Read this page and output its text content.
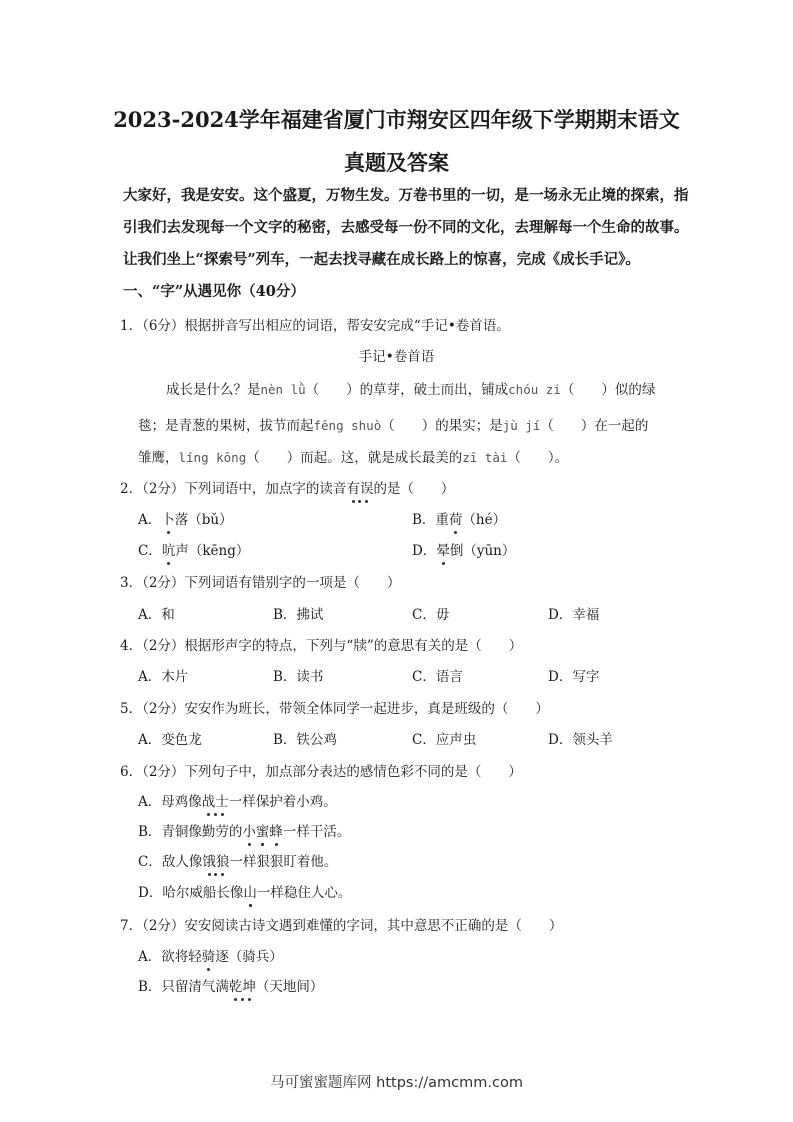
2023-2024学年福建省厦门市翔安区四年级下学期期末语文
真题及答案
大家好，我是安安。这个盛夏，万物生发。万卷书里的一切，是一场永无止境的探索，指
引我们去发现每一个文字的秘密，去感受每一份不同的文化，去理解每一个生命的故事。
让我们坐上“探索号”列车，一起去找寻藏在成长路上的惊喜，完成《成长手记》。
一、“字”从遇见你（40分）
1．（6分）根据拼音写出相应的词语，帮安安完成“手记•卷首语。
手记•卷首语
成长是什么？是nèn lǜ（　　）的草芽，破土而出，铺成chóu zi（　　）似的绿
毯；是青葱的果树，拔节而起fēng shuò（　　）的果实；是jù jí（　　）在一起的
雏鹰，líng kōng（　　）而起。这，就是成长最美的zī tài（　　）。
2．（2分）下列词语中，加点字的读音有误的是（　　）
A．卜落（bǔ）	B．重荷（hé）
C．吭声（kēng）	D．晕倒（yūn）
3．（2分）下列词语有错别字的一项是（　　）
A．和	B．拂试	C．毋	D．幸福
4．（2分）根据形声字的特点，下列与“牍”的意思有关的是（　　）
A．木片	B．读书	C．语言	D．写字
5．（2分）安安作为班长，带领全体同学一起进步，真是班级的（　　）
A．变色龙	B．铁公鸡	C．应声虫	D．领头羊
6．（2分）下列句子中，加点部分表达的感情色彩不同的是（　　）
A．母鸡像战士一样保护着小鸡。
B．青铜像勤劳的小蜜蜂一样干活。
C．敌人像饿狼一样狠狠盯着他。
D．哈尔威船长像山一样稳住人心。
7．（2分）安安阅读古诗文遇到难懂的字词，其中意思不正确的是（　　）
A．欲将轻骑逐（骑兵）
B．只留清气满乾坤（天地间）
马可蜜蜜题库网 https://amcmm.com
